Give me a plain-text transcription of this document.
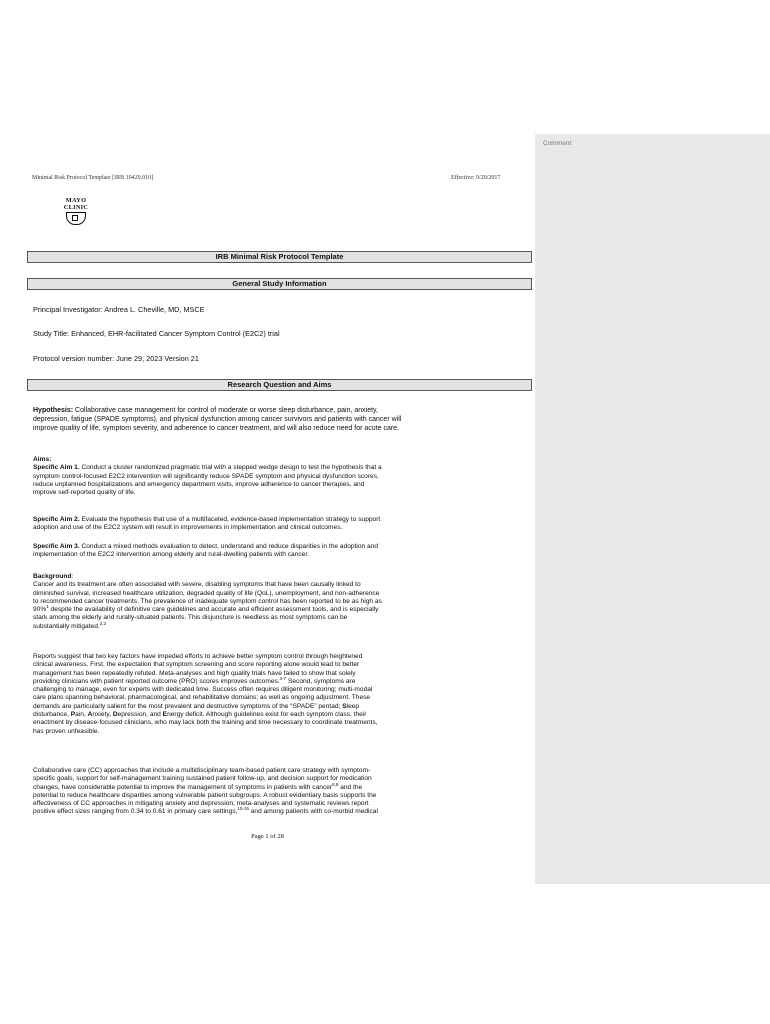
Minimal Risk Protocol Template [IRB 10429.010]	Effective: 9/20/2017
MAYO
CLINIC
IRB Minimal Risk Protocol Template
General Study Information
Principal Investigator: Andrea L. Cheville, MD, MSCE
Study Title: Enhanced, EHR-facilitated Cancer Symptom Control (E2C2) trial
Protocol version number: June 29, 2023 Version 21
Research Question and Aims
Hypothesis: Collaborative case management for control of moderate or worse sleep disturbance, pain, anxiety,
depression, fatigue (SPADE symptoms), and physical dysfunction among cancer survivors and patients with cancer will
improve quality of life, symptom severity, and adherence to cancer treatment, and will also reduce need for acute care.
Aims:
Specific Aim 1. Conduct a cluster randomized pragmatic trial with a stepped wedge design to test the hypothesis that a
symptom control-focused E2C2 intervention will significantly reduce SPADE symptom and physical dysfunction scores,
reduce unplanned hospitalizations and emergency department visits, improve adherence to cancer therapies, and
improve self-reported quality of life.
Specific Aim 2. Evaluate the hypothesis that use of a multifaceted, evidence-based implementation strategy to support
adoption and use of the E2C2 system will result in improvements in implementation and clinical outcomes.
Specific Aim 3. Conduct a mixed methods evaluation to detect, understand and reduce disparities in the adoption and
implementation of the E2C2 intervention among elderly and rural-dwelling patients with cancer.
Background:
Cancer and its treatment are often associated with severe, disabling symptoms that have been causally linked to
diminished survival, increased healthcare utilization, degraded quality of life (QoL), unemployment, and non-adherence
to recommended cancer treatments. The prevalence of inadequate symptom control has been reported to be as high as
90%$^1$ despite the availability of definitive care guidelines and accurate and efficient assessment tools, and is especially
stark among the elderly and rurally-situated patients. This disjuncture is needless as most symptoms can be
substantially mitigated.$^{2,3}$
Reports suggest that two key factors have impeded efforts to achieve better symptom control through heightened
clinical awareness. First, the expectation that symptom screening and score reporting alone would lead to better
management has been repeatedly refuted. Meta-analyses and high quality trials have failed to show that solely
providing clinicians with patient reported outcome (PRO) scores improves outcomes.$^{4-7}$ Second, symptoms are
challenging to manage, even for experts with dedicated time. Success often requires diligent monitoring; multi-modal
care plans spanning behavioral, pharmacological, and rehabilitative domains; as well as ongoing adjustment. These
demands are particularly salient for the most prevalent and destructive symptoms of the “SPADE” pentad; Sleep
disturbance, Pain, Anxiety, Depression, and Energy deficit. Although guidelines exist for each symptom class, their
enactment by disease-focused clinicians, who may lack both the training and time necessary to coordinate treatments,
has proven unfeasible.
Collaborative care (CC) approaches that include a multidisciplinary team-based patient care strategy with symptom-
specific goals, support for self-management training sustained patient follow-up, and decision support for medication
changes, have considerable potential to improve the management of symptoms in patients with cancer$^{8,9}$ and the
potential to reduce healthcare disparities among vulnerable patient subgroups. A robust evidentiary basis supports the
effectiveness of CC approaches in mitigating anxiety and depression; meta-analyses and systematic reviews report
positive effect sizes ranging from 0.34 to 0.61 in primary care settings,$^{10-15}$ and among patients with co-morbid medical
Page 1 of 28
Comment
